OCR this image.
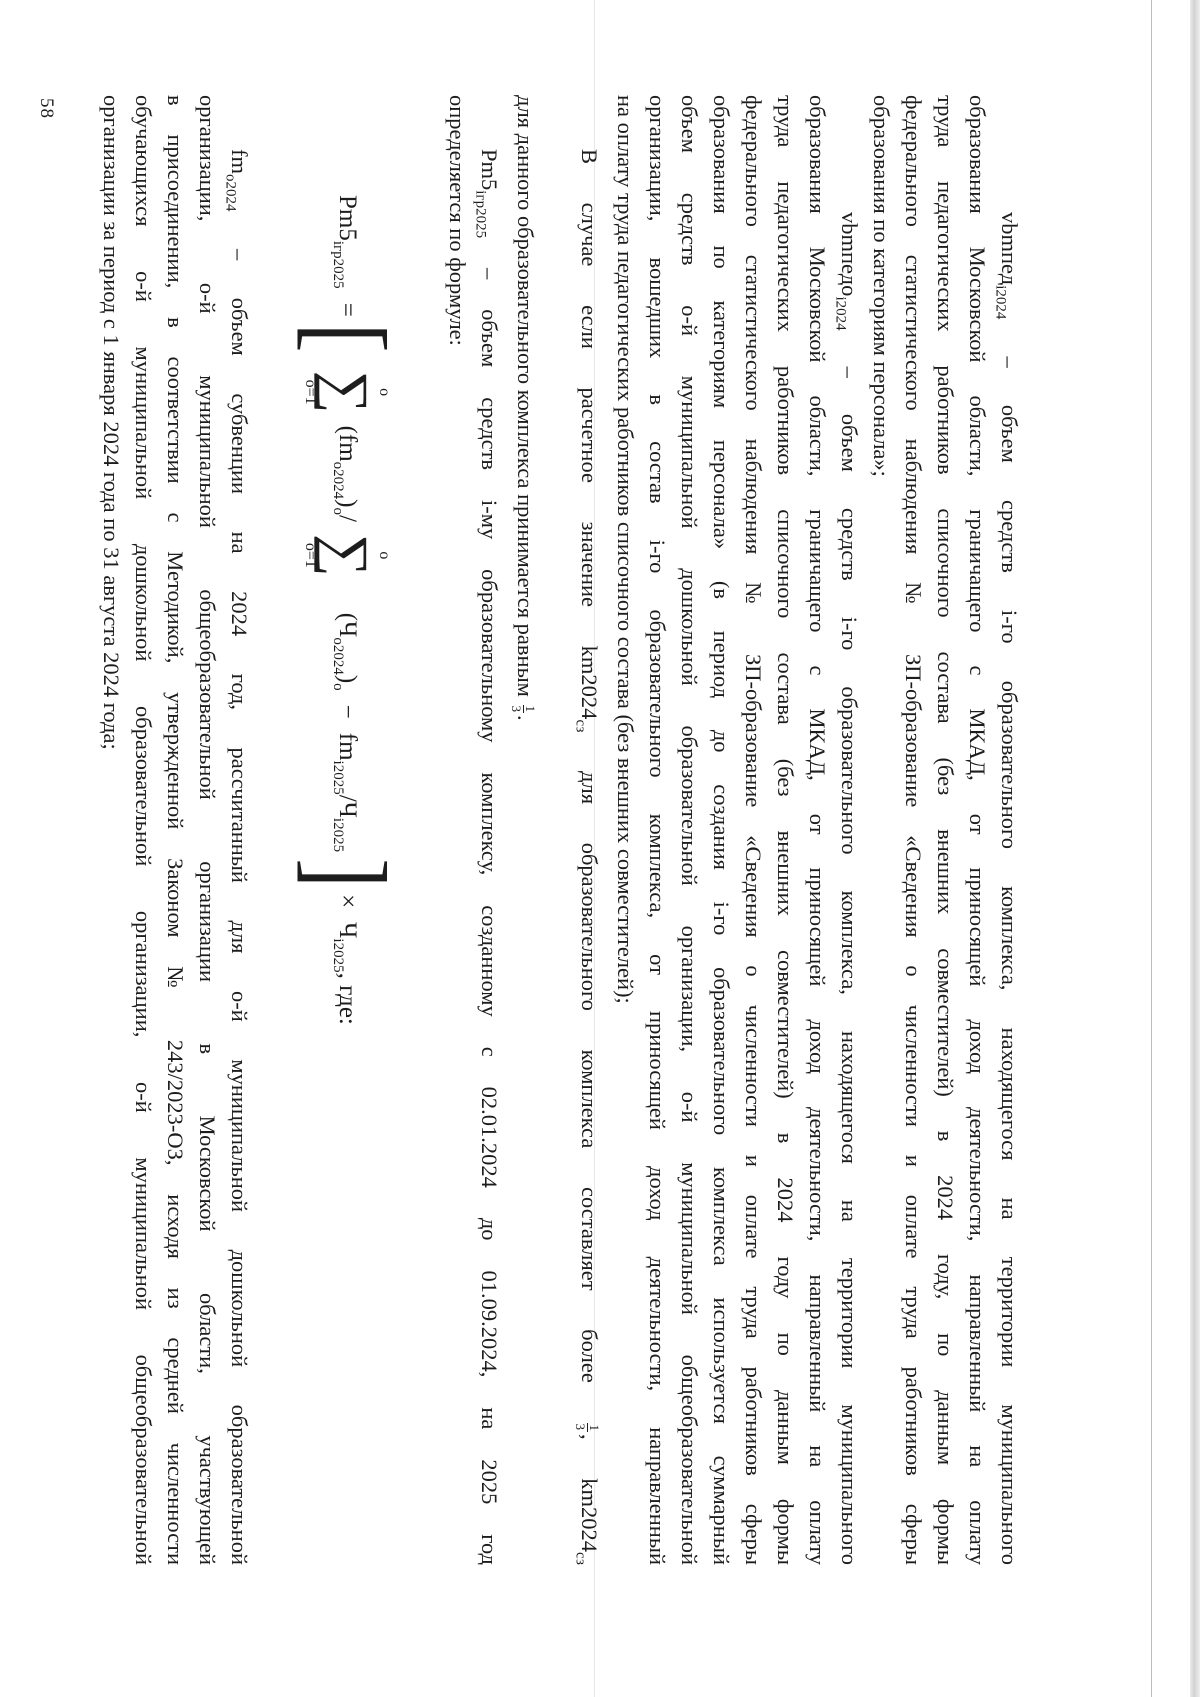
58
vbmпед$_{i2024}$ – объем средств i-го образовательного комплекса, находящегося на территории муниципального
образования Московской области, граничащего с МКАД, от приносящей доход деятельности, направленный на оплату
труда педагогических работников списочного состава (без внешних совместителей) в 2024 году, по данным формы
федерального статистического наблюдения № ЗП-образование «Сведения о численности и оплате труда работников сферы
образования по категориям персонала»;
vbmпедо$_{i2024}$ – объем средств i-го образовательного комплекса, находящегося на территории муниципального
образования Московской области, граничащего с МКАД, от приносящей доход деятельности, направленный на оплату
труда педагогических работников списочного состава (без внешних совместителей) в 2024 году по данным формы
федерального статистического наблюдения № ЗП-образование «Сведения о численности и оплате труда работников сферы
образования по категориям персонала» (в период до создания i-го образовательного комплекса используется суммарный
объем средств о-й муниципальной дошкольной образовательной организации, о-й муниципальной общеобразовательной
организации, вошедших в состав i-го образовательного комплекса, от приносящей доход деятельности, направленный
на оплату труда педагогических работников списочного состава (без внешних совместителей);
В случае если расчетное значение $km2024_{сз}$ для образовательного комплекса составляет более
1
3
, $km2024_{сз}$
для данного образовательного комплекса принимается равным
1
3
.
$Pm5_{iгр2025}$ – объем средств i-му образовательному комплексу, созданному с 02.01.2024 до 01.09.2024, на 2025 год
определяется по формуле:
$Pm5_{iгр2025}$
=
[
о
∑
о=1
$(fm_{o2024})_о$
/
о
∑
о=1
$(Ч_{o2024})_о$
−
$fm_{i2025}$
/
$Ч_{i2025}$
]
×
$Ч_{i2025}$
, где:
$fm_{o2024}$ – объем субвенции на 2024 год, рассчитанный для о-й муниципальной дошкольной образовательной
организации, о-й муниципальной общеобразовательной организации в Московской области, участвующей
в присоединении, в соответствии с Методикой, утвержденной Законом № 243/2023-ОЗ, исходя из средней численности
обучающихся о-й муниципальной дошкольной образовательной организации, о-й муниципальной общеобразовательной
организации за период с 1 января 2024 года по 31 августа 2024 года;
